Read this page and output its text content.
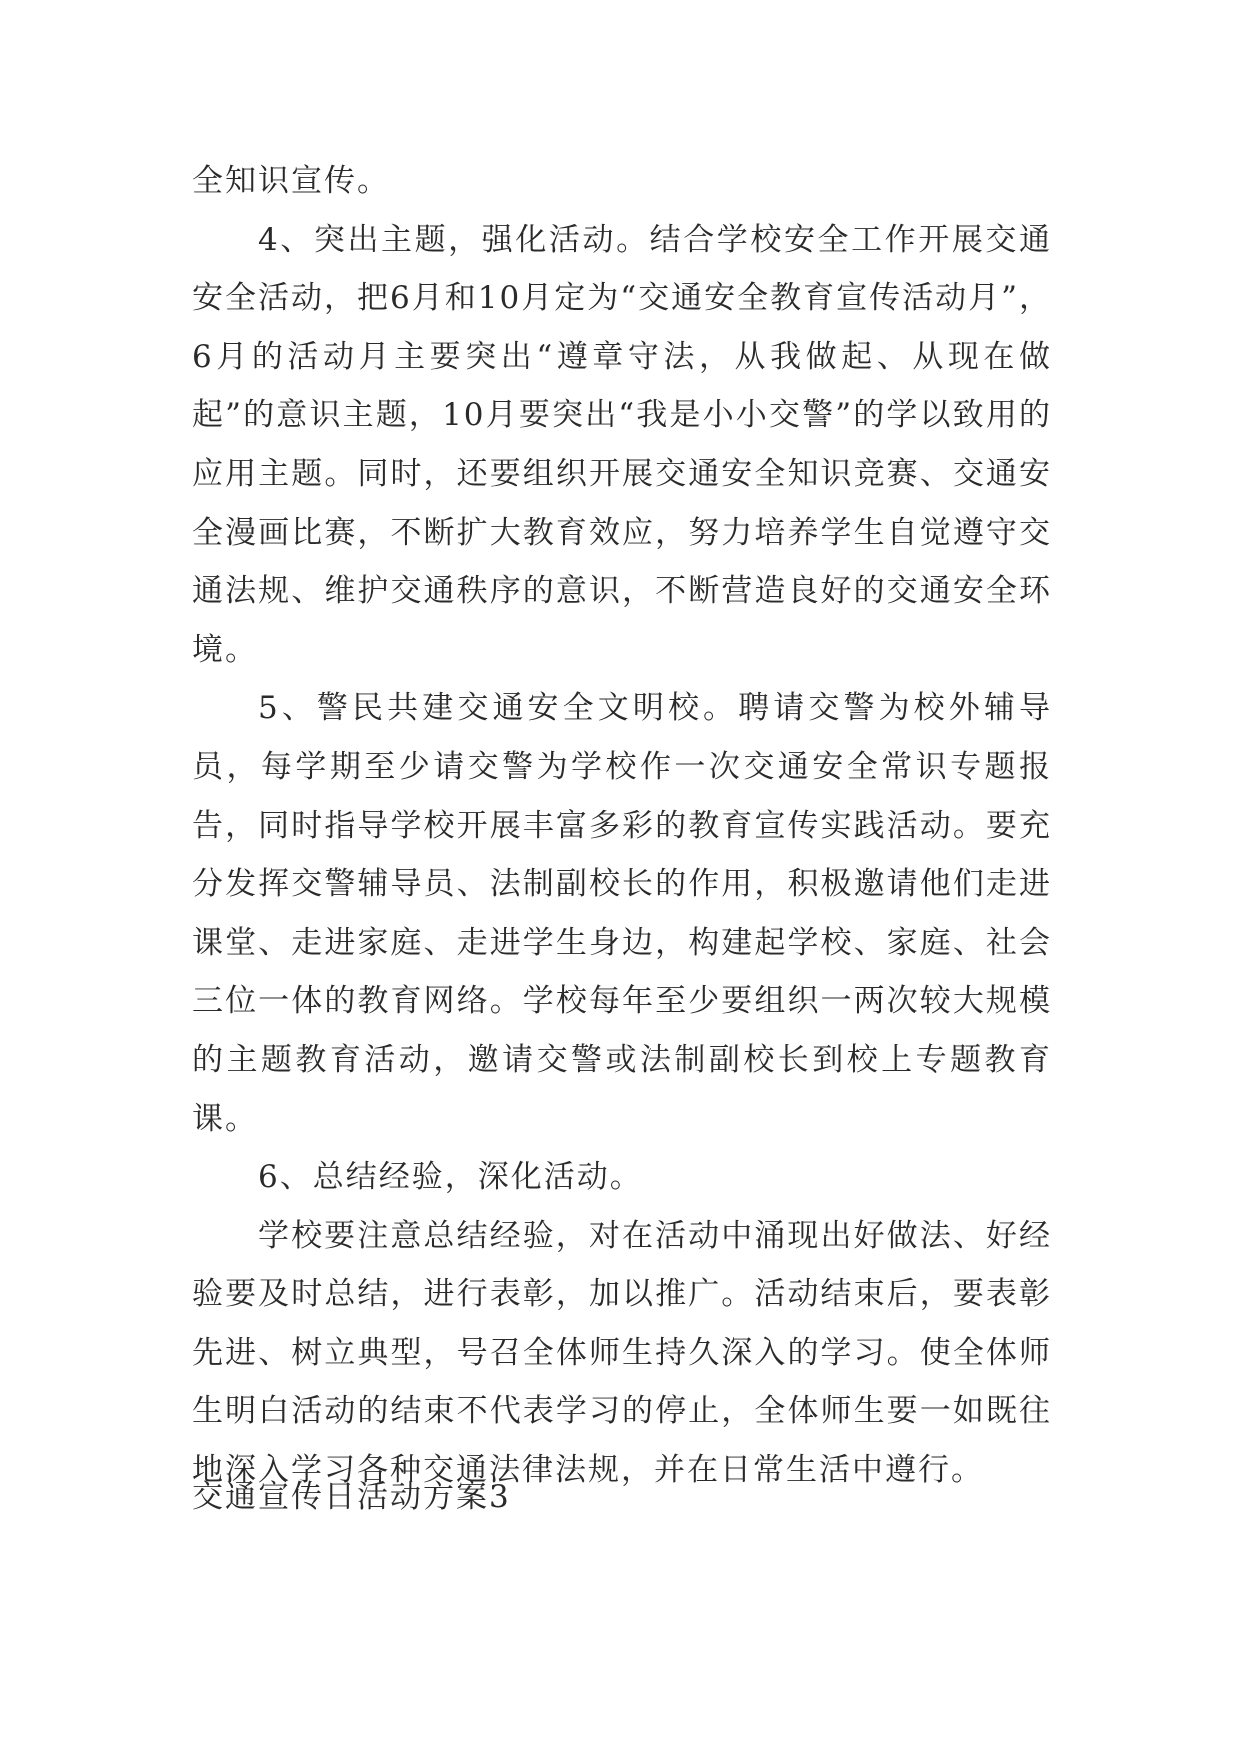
全知识宣传。

4、突出主题，强化活动。结合学校安全工作开展交通安全活动，把6月和10月定为“交通安全教育宣传活动月”，6月的活动月主要突出“遵章守法，从我做起、从现在做起”的意识主题，10月要突出“我是小小交警”的学以致用的应用主题。同时，还要组织开展交通安全知识竞赛、交通安全漫画比赛，不断扩大教育效应，努力培养学生自觉遵守交通法规、维护交通秩序的意识，不断营造良好的交通安全环境。

5、警民共建交通安全文明校。聘请交警为校外辅导员，每学期至少请交警为学校作一次交通安全常识专题报告，同时指导学校开展丰富多彩的教育宣传实践活动。要充分发挥交警辅导员、法制副校长的作用，积极邀请他们走进课堂、走进家庭、走进学生身边，构建起学校、家庭、社会三位一体的教育网络。学校每年至少要组织一两次较大规模的主题教育活动，邀请交警或法制副校长到校上专题教育课。

6、总结经验，深化活动。

学校要注意总结经验，对在活动中涌现出好做法、好经验要及时总结，进行表彰，加以推广。活动结束后，要表彰先进、树立典型，号召全体师生持久深入的学习。使全体师生明白活动的结束不代表学习的停止，全体师生要一如既往地深入学习各种交通法律法规，并在日常生活中遵行。

交通宣传日活动方案3
